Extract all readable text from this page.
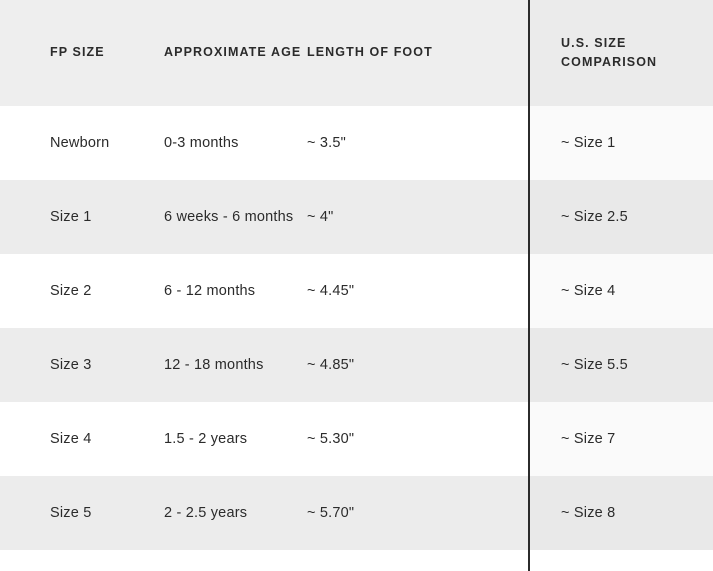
FP SIZE	APPROXIMATE AGE	LENGTH OF FOOT	U.S. SIZE COMPARISON
Newborn	0-3 months	~ 3.5"	~ Size 1
Size 1	6 weeks - 6 months	~ 4"	~ Size 2.5
Size 2	6 - 12 months	~ 4.45"	~ Size 4
Size 3	12 - 18 months	~ 4.85"	~ Size 5.5
Size 4	1.5 - 2 years	~ 5.30"	~ Size 7
Size 5	2 - 2.5 years	~ 5.70"	~ Size 8
